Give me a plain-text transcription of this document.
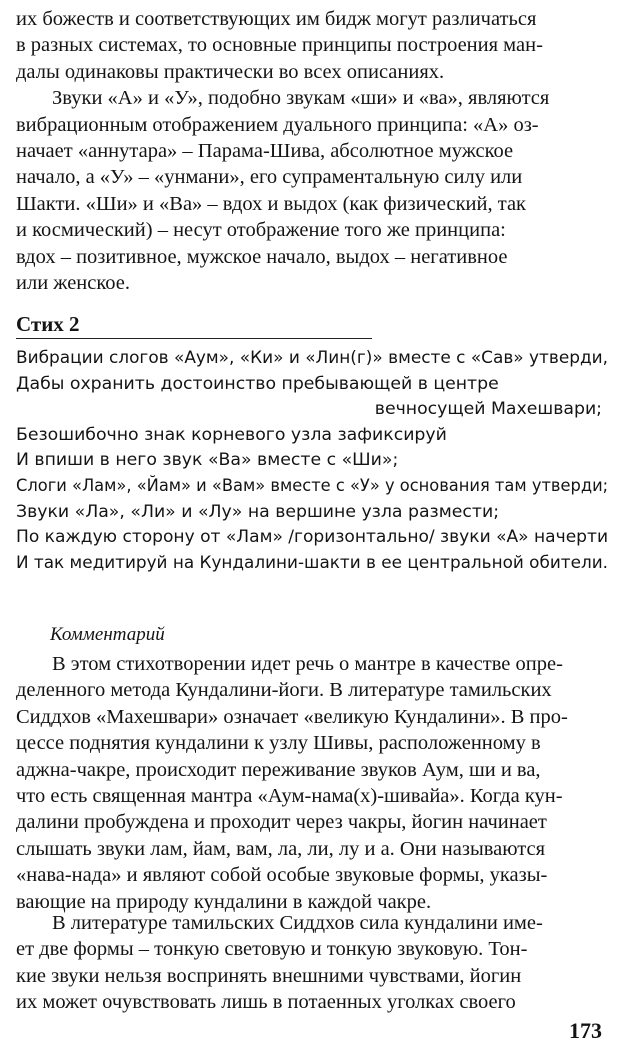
их божеств и соответствующих им бидж могут различаться
в разных системах, то основные принципы построения ман-
далы одинаковы практически во всех описаниях.
Звуки «А» и «У», подобно звукам «ши» и «ва», являются
вибрационным отображением дуального принципа: «А» оз-
начает «аннутара» – Парама-Шива, абсолютное мужское
начало, а «У» – «унмани», его супраментальную силу или
Шакти. «Ши» и «Ва» – вдох и выдох (как физический, так
и космический) – несут отображение того же принципа:
вдох – позитивное, мужское начало, выдох – негативное
или женское.
Стих 2
Вибрации слогов «Аум», «Ки» и «Лин(г)» вместе с «Сав» утверди,
Дабы охранить достоинство пребывающей в центре
вечносущей Махешвари;
Безошибочно знак корневого узла зафиксируй
И впиши в него звук «Ва» вместе с «Ши»;
Слоги «Лам», «Йам» и «Вам» вместе с «У» у основания там утверди;
Звуки «Ла», «Ли» и «Лу» на вершине узла размести;
По каждую сторону от «Лам» /горизонтально/ звуки «А» начерти
И так медитируй на Кундалини-шакти в ее центральной обители.
Комментарий
В этом стихотворении идет речь о мантре в качестве опре-
деленного метода Кундалини-йоги. В литературе тамильских
Сиддхов «Махешвари» означает «великую Кундалини». В про-
цессе поднятия кундалини к узлу Шивы, расположенному в
аджна-чакре, происходит переживание звуков Аум, ши и ва,
что есть священная мантра «Аум-нама(х)-шивайа». Когда кун-
далини пробуждена и проходит через чакры, йогин начинает
слышать звуки лам, йам, вам, ла, ли, лу и а. Они называются
«нава-нада» и являют собой особые звуковые формы, указы-
вающие на природу кундалини в каждой чакре.
В литературе тамильских Сиддхов сила кундалини име-
ет две формы – тонкую световую и тонкую звуковую. Тон-
кие звуки нельзя воспринять внешними чувствами, йогин
их может очувствовать лишь в потаенных уголках своего
173
